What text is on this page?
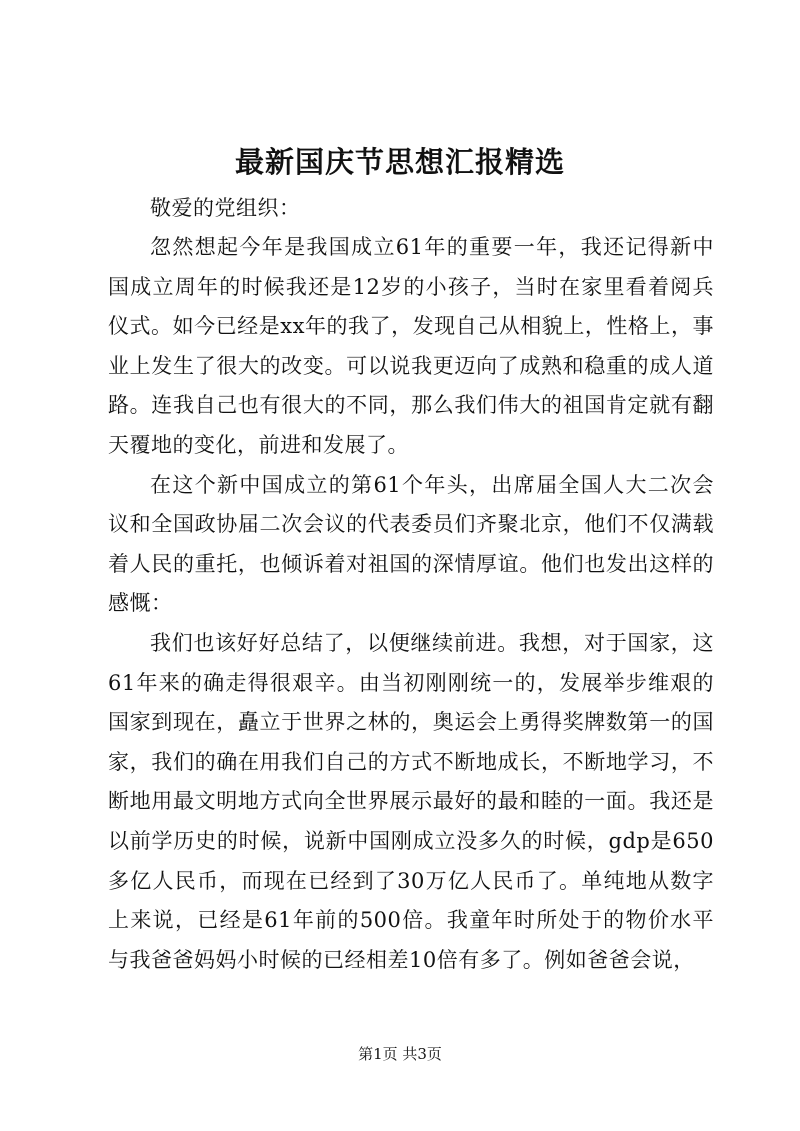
最新国庆节思想汇报精选

敬爱的党组织：

忽然想起今年是我国成立61年的重要一年，我还记得新中国成立周年的时候我还是12岁的小孩子，当时在家里看着阅兵仪式。如今已经是xx年的我了，发现自己从相貌上，性格上，事业上发生了很大的改变。可以说我更迈向了成熟和稳重的成人道路。连我自己也有很大的不同，那么我们伟大的祖国肯定就有翻天覆地的变化，前进和发展了。

在这个新中国成立的第61个年头，出席届全国人大二次会议和全国政协届二次会议的代表委员们齐聚北京，他们不仅满载着人民的重托，也倾诉着对祖国的深情厚谊。他们也发出这样的感慨：

我们也该好好总结了，以便继续前进。我想，对于国家，这61年来的确走得很艰辛。由当初刚刚统一的，发展举步维艰的国家到现在，矗立于世界之林的，奥运会上勇得奖牌数第一的国家，我们的确在用我们自己的方式不断地成长，不断地学习，不断地用最文明地方式向全世界展示最好的最和睦的一面。我还是以前学历史的时候，说新中国刚成立没多久的时候，gdp是650多亿人民币，而现在已经到了30万亿人民币了。单纯地从数字上来说，已经是61年前的500倍。我童年时所处于的物价水平与我爸爸妈妈小时候的已经相差10倍有多了。例如爸爸会说，

第1页 共3页
